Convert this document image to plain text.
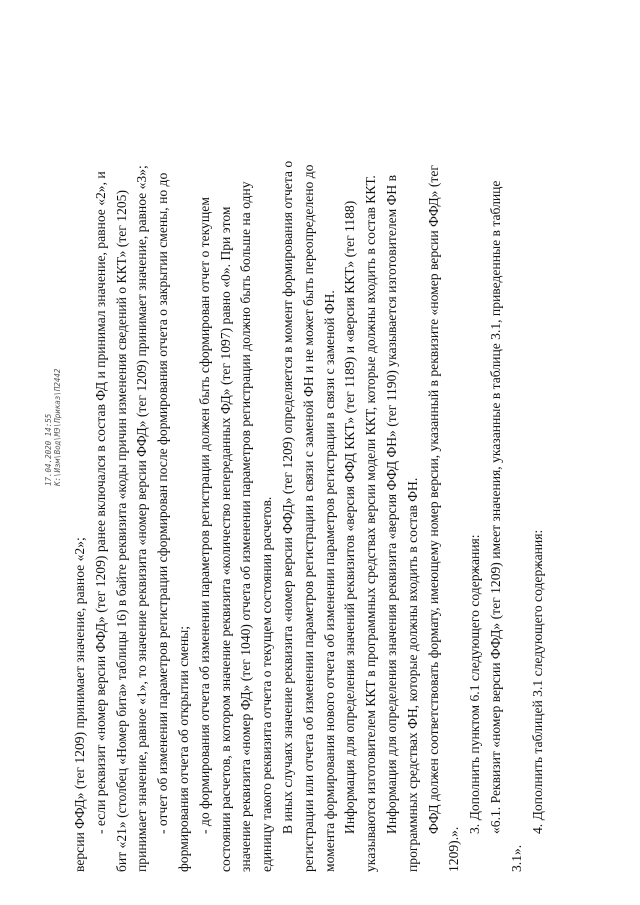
версии ФФД» (тег 1209) принимает значение, равное «2»; - если реквизит «номер версии ФФД» (тег 1209) ранее включался в состав ФД и принимал значение, равное «2», и бит «21» (столбец «Номер бита» таблицы 16) в байте реквизита «коды причин изменения сведений о ККТ» (тег 1205) принимает значение, равное «1», то значение реквизита «номер версии ФФД» (тег 1209) принимает значение, равное «3»; - отчет об изменении параметров регистрации сформирован после формирования отчета о закрытии смены, но до формирования отчета об открытии смены; - до формирования отчета об изменении параметров регистрации должен быть сформирован отчет о текущем состоянии расчетов, в котором значение реквизита «количество непереданных ФД» (тег 1097) равно «0». При этом значение реквизита «номер ФД» (тег 1040) отчета об изменении параметров регистрации должно быть больше на одну единицу такого реквизита отчета о текущем состоянии расчетов. В иных случаях значение реквизита «номер версии ФФД» (тег 1209) определяется в момент формирования отчета о регистрации или отчета об изменении параметров регистрации в связи с заменой ФН и не может быть переопределено до момента формирования нового отчета об изменении параметров регистрации в связи с заменой ФН. Информация для определения значений реквизитов «версия ФФД ККТ» (тег 1189) и «версия ККТ» (тег 1188) указываются изготовителем ККТ в программных средствах версии модели ККТ, которые должны входить в состав ККТ. Информация для определения значения реквизита «версия ФФД ФН» (тег 1190) указывается изготовителем ФН в программных средствах ФН, которые должны входить в состав ФН. ФФД должен соответствовать формату, имеющему номер версии, указанный в реквизите «номер версии ФФД» (тег

1209).».

3. Дополнить пунктом 6.1 следующего содержания: «6.1. Реквизит «номер версии ФФД» (тег 1209) имеет значения, указанные в таблице 3.1, приведенные в таблице

3.1».

4. Дополнить таблицей 3.1 следующего содержания:

17.04.2020 14:55 К:\Изм\Вод\МЭ\Приказ\П2442
